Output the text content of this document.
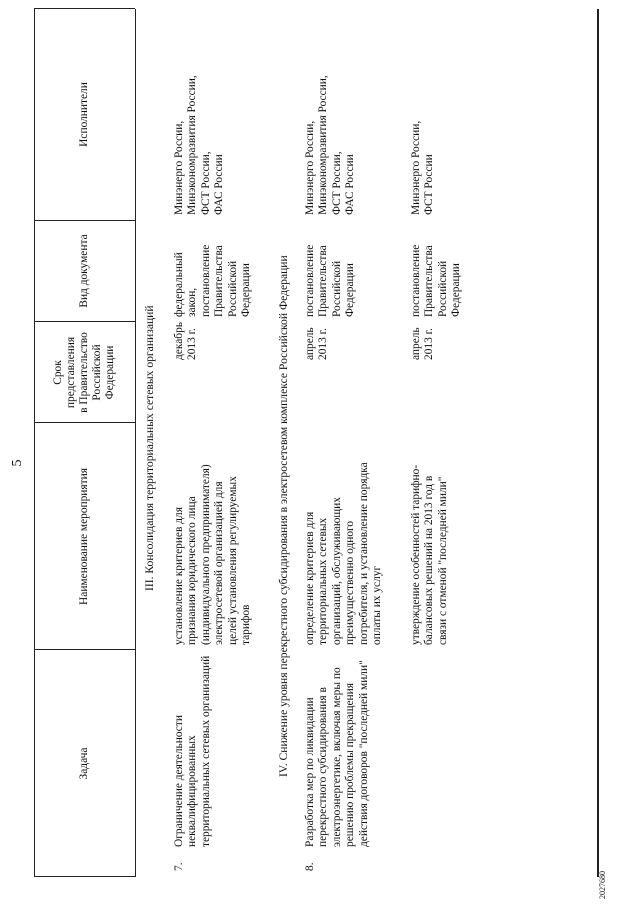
5
2027680
Задача
Наименование мероприятия
Срок
представления
в Правительство
Российской
Федерации
Вид документа
Исполнители
III. Консолидация территориальных сетевых организаций
7.
Ограничение деятельности
неквалифицированных
территориальных сетевых организаций
установление критериев для
признания юридического лица
(индивидуального предпринимателя)
электросетевой организацией для
целей установления регулируемых
тарифов
декабрь
2013 г.
федеральный
закон,
постановление
Правительства
Российской
Федерации
Минэнерго России,
Минэкономразвития России,
ФСТ России,
ФАС России
IV. Снижение уровня перекрестного субсидирования в электросетевом комплексе Российской Федерации
8.
Разработка мер по ликвидации
перекрестного субсидирования в
электроэнергетике, включая меры по
решению проблемы прекращения
действия договоров "последней мили"
определение критериев для
территориальных сетевых
организаций, обслуживающих
преимущественно одного
потребителя, и установление порядка
оплаты их услуг
апрель
2013 г.
постановление
Правительства
Российской
Федерации
Минэнерго России,
Минэкономразвития России,
ФСТ России,
ФАС России
утверждение особенностей тарифно-
балансовых решений на 2013 год в
связи с отменой "последней мили"
апрель
2013 г.
постановление
Правительства
Российской
Федерации
Минэнерго России,
ФСТ России
